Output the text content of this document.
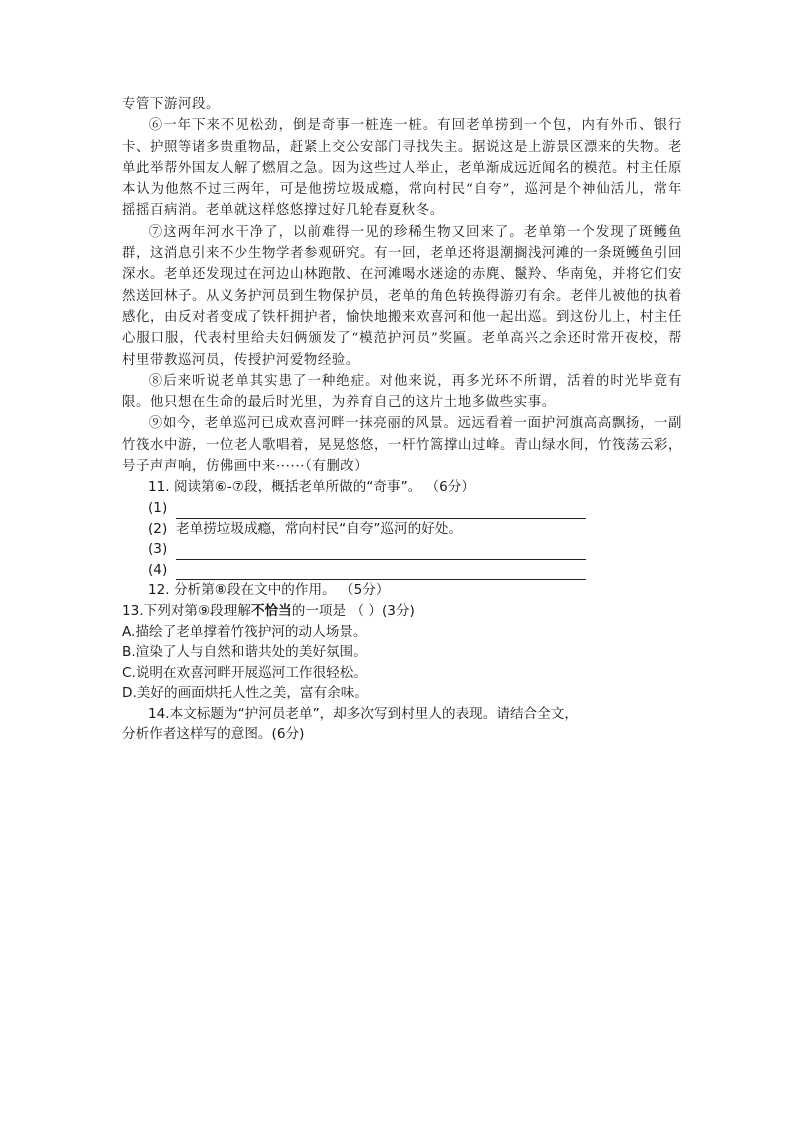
专管下游河段。

⑥一年下来不见松劲，倒是奇事一桩连一桩。有回老单捞到一个包，内有外币、银行卡、护照等诸多贵重物品，赶紧上交公安部门寻找失主。据说这是上游景区漂来的失物。老单此举帮外国友人解了燃眉之急。因为这些过人举止，老单渐成远近闻名的模范。村主任原本认为他熬不过三两年，可是他捞垃圾成瘾，常向村民“自夸”，巡河是个神仙活儿，常年摇摇百病消。老单就这样悠悠撑过好几轮春夏秋冬。

⑦这两年河水干净了，以前难得一见的珍稀生物又回来了。老单第一个发现了斑鳠鱼群，这消息引来不少生物学者参观研究。有一回，老单还将退潮搁浅河滩的一条斑鳠鱼引回深水。老单还发现过在河边山林跑散、在河滩喝水迷途的赤麂、鬣羚、华南兔，并将它们安然送回林子。从义务护河员到生物保护员，老单的角色转换得游刃有余。老伴儿被他的执着感化，由反对者变成了铁杆拥护者，愉快地搬来欢喜河和他一起出巡。到这份儿上，村主任心服口服，代表村里给夫妇俩颁发了“模范护河员”奖匾。老单高兴之余还时常开夜校，帮村里带教巡河员，传授护河爱物经验。

⑧后来听说老单其实患了一种绝症。对他来说，再多光环不所谓，活着的时光毕竟有限。他只想在生命的最后时光里，为养育自己的这片土地多做些实事。

⑨如今，老单巡河已成欢喜河畔一抹亮丽的风景。远远看着一面护河旗高高飘扬，一副竹筏水中游，一位老人歌唱着，晃晃悠悠，一杆竹篙撑山过峰。青山绿水间，竹筏荡云彩，号子声声响，仿佛画中来······（有删改）

11. 阅读第⑥-⑦段，概括老单所做的“奇事”。 （6分）

(1)
(2) 老单捞垃圾成瘾，常向村民“自夸”巡河的好处。
(3)
(4)

12. 分析第⑧段在文中的作用。 （5分）

13.下列对第⑨段理解不恰当的一项是 （ ）(3分)

A.描绘了老单撑着竹筏护河的动人场景。

B.渲染了人与自然和谐共处的美好氛围。

C.说明在欢喜河畔开展巡河工作很轻松。

D.美好的画面烘托人性之美，富有余味。

14.本文标题为“护河员老单”，却多次写到村里人的表现。请结合全文，

分析作者这样写的意图。(6分)
